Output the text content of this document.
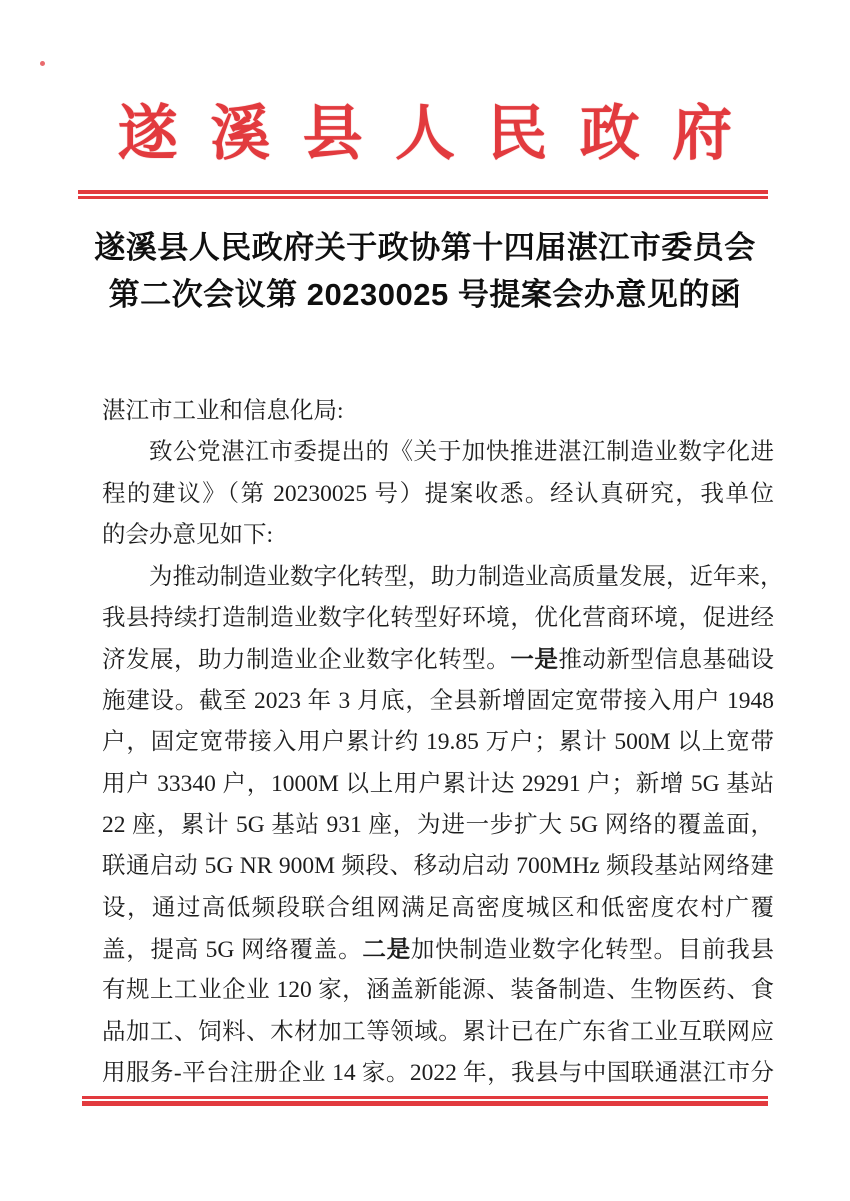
遂溪县人民政府
遂溪县人民政府关于政协第十四届湛江市委员会
第二次会议第 20230025 号提案会办意见的函
湛江市工业和信息化局:
致公党湛江市委提出的《关于加快推进湛江制造业数字化进
程的建议》（第 20230025 号）提案收悉。经认真研究，我单位
的会办意见如下:
为推动制造业数字化转型，助力制造业高质量发展，近年来，
我县持续打造制造业数字化转型好环境，优化营商环境，促进经
济发展，助力制造业企业数字化转型。一是推动新型信息基础设
施建设。截至 2023 年 3 月底，全县新增固定宽带接入用户 1948
户，固定宽带接入用户累计约 19.85 万户；累计 500M 以上宽带
用户 33340 户，1000M 以上用户累计达 29291 户；新增 5G 基站
22 座，累计 5G 基站 931 座，为进一步扩大 5G 网络的覆盖面，
联通启动 5G NR 900M 频段、移动启动 700MHz 频段基站网络建
设，通过高低频段联合组网满足高密度城区和低密度农村广覆
盖，提高 5G 网络覆盖。二是加快制造业数字化转型。目前我县
有规上工业企业 120 家，涵盖新能源、装备制造、生物医药、食
品加工、饲料、木材加工等领域。累计已在广东省工业互联网应
用服务-平台注册企业 14 家。2022 年，我县与中国联通湛江市分
